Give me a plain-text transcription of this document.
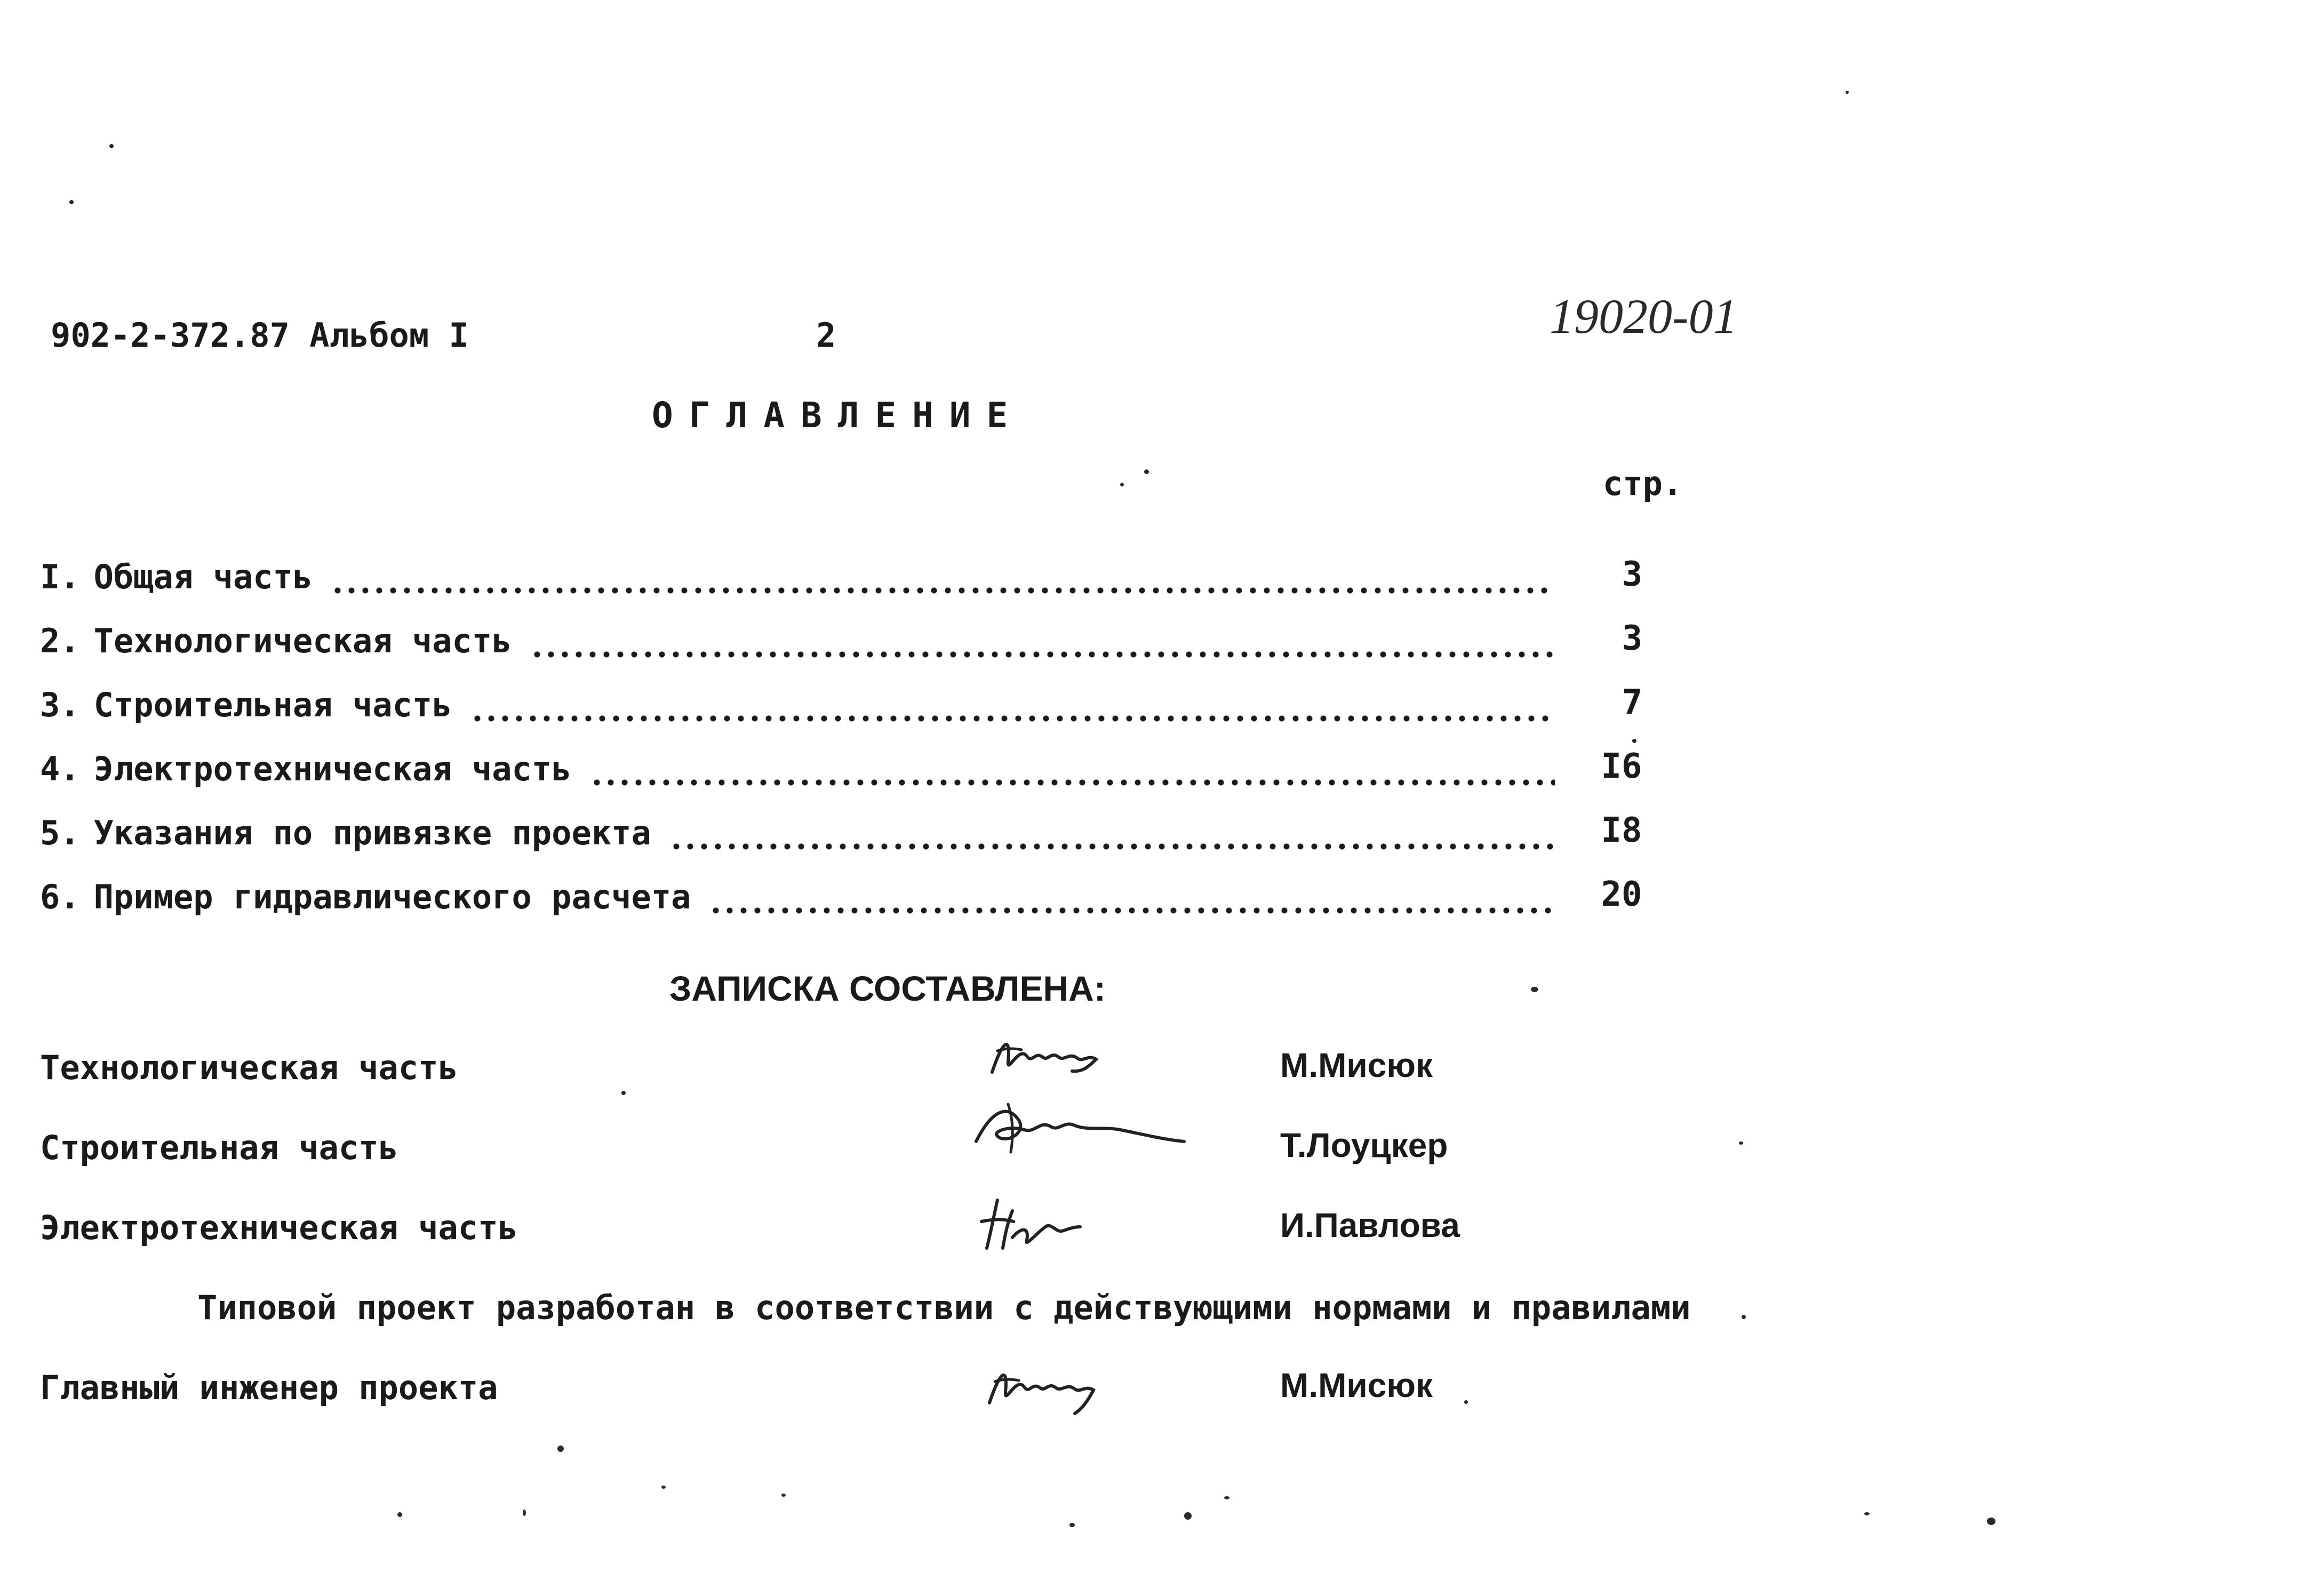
902-2-372.87 Альбом I	2	19020-01
ОГЛАВЛЕНИЕ
стр.
I. Общая часть	3
2. Технологическая часть	3
3. Строительная часть	7
4. Электротехническая часть	I6
5. Указания по привязке проекта	I8
6. Пример гидравлического расчета	20
ЗАПИСКА СОСТАВЛЕНА:
Технологическая часть	М.Мисюк
Строительная часть	Т.Лоуцкер
Электротехническая часть	И.Павлова
Типовой проект разработан в соответствии с действующими нормами и правилами
Главный инженер проекта	М.Мисюк
